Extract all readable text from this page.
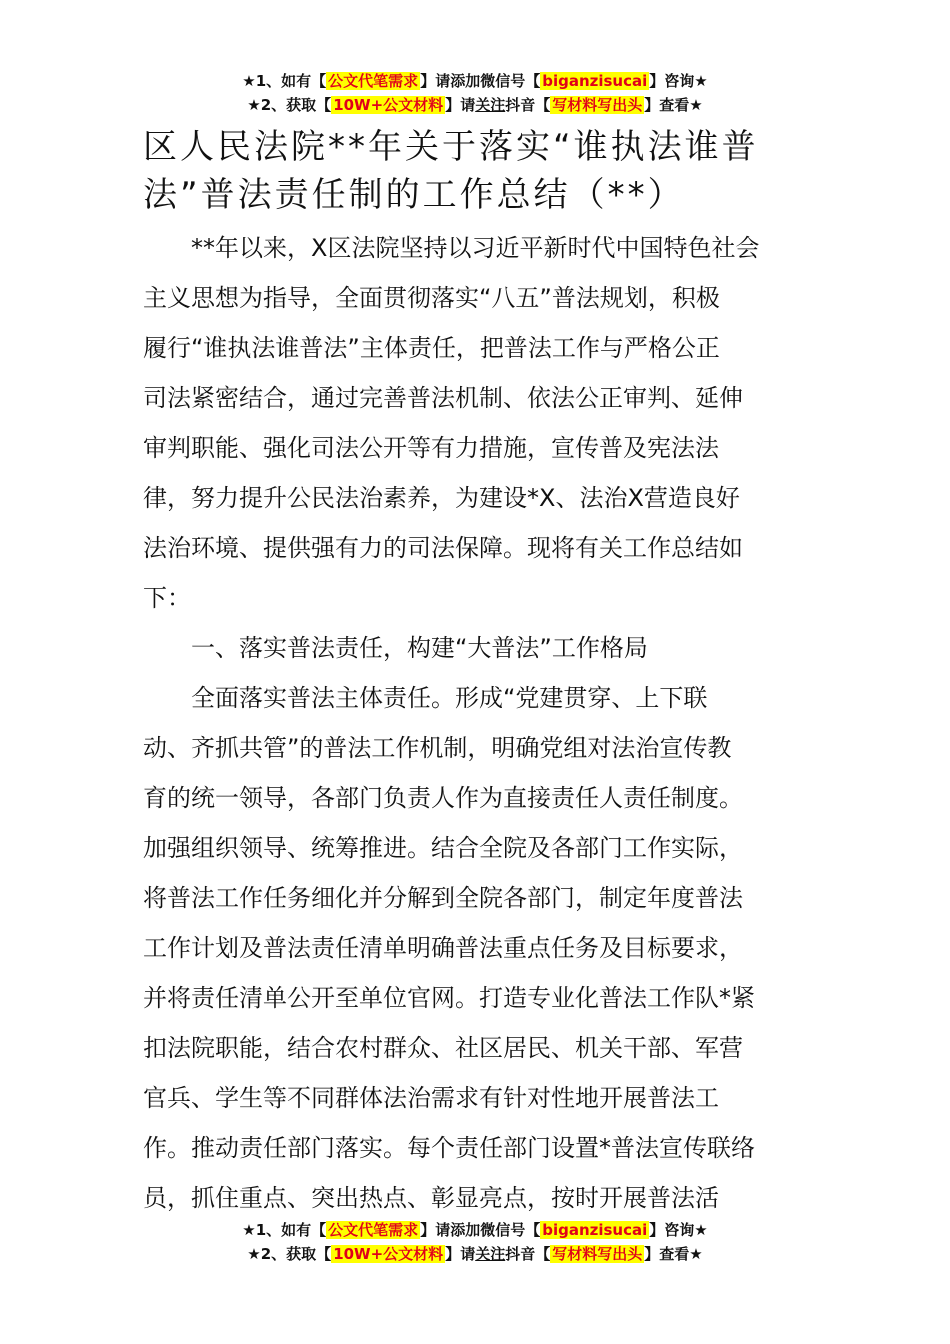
★1、如有【 公文代笔需求 】请添加微信号【 biganzisucai 】咨询★
★2、获取【 10W+公文材料 】请关注抖音【 写材料写出头 】查看★
区人民法院**年关于落实“谁执法谁普
法”普法责任制的工作总结（**）
**年以来，X区法院坚持以习近平新时代中国特色社会
主义思想为指导，全面贯彻落实“八五”普法规划，积极
履行“谁执法谁普法”主体责任，把普法工作与严格公正
司法紧密结合，通过完善普法机制、依法公正审判、延伸
审判职能、强化司法公开等有力措施，宣传普及宪法法
律，努力提升公民法治素养，为建设*X、法治X营造良好
法治环境、提供强有力的司法保障。现将有关工作总结如
下：
一、落实普法责任，构建“大普法”工作格局
全面落实普法主体责任。形成“党建贯穿、上下联
动、齐抓共管”的普法工作机制，明确党组对法治宣传教
育的统一领导，各部门负责人作为直接责任人责任制度。
加强组织领导、统筹推进。结合全院及各部门工作实际，
将普法工作任务细化并分解到全院各部门，制定年度普法
工作计划及普法责任清单明确普法重点任务及目标要求，
并将责任清单公开至单位官网。打造专业化普法工作队*紧
扣法院职能，结合农村群众、社区居民、机关干部、军营
官兵、学生等不同群体法治需求有针对性地开展普法工
作。推动责任部门落实。每个责任部门设置*普法宣传联络
员，抓住重点、突出热点、彰显亮点，按时开展普法活
★1、如有【 公文代笔需求 】请添加微信号【 biganzisucai 】咨询★
★2、获取【 10W+公文材料 】请关注抖音【 写材料写出头 】查看★
